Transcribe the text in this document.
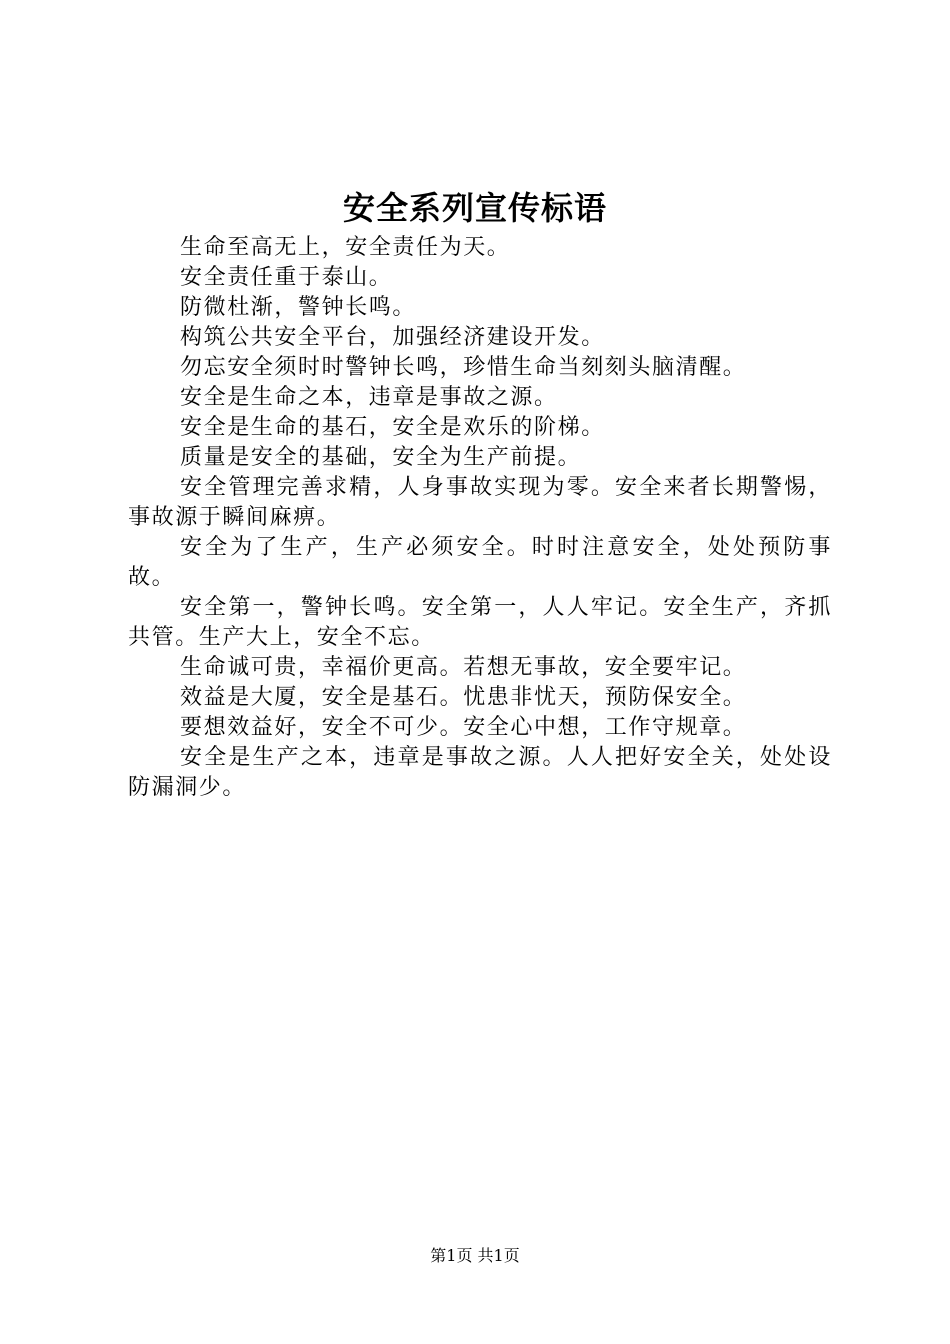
安全系列宣传标语

生命至高无上，安全责任为天。

安全责任重于泰山。

防微杜渐，警钟长鸣。

构筑公共安全平台，加强经济建设开发。

勿忘安全须时时警钟长鸣，珍惜生命当刻刻头脑清醒。

安全是生命之本，违章是事故之源。

安全是生命的基石，安全是欢乐的阶梯。

质量是安全的基础，安全为生产前提。

安全管理完善求精，人身事故实现为零。安全来者长期警惕，事故源于瞬间麻痹。

安全为了生产，生产必须安全。时时注意安全，处处预防事故。

安全第一，警钟长鸣。安全第一，人人牢记。安全生产，齐抓共管。生产大上，安全不忘。

生命诚可贵，幸福价更高。若想无事故，安全要牢记。

效益是大厦，安全是基石。忧患非忧天，预防保安全。

要想效益好，安全不可少。安全心中想，工作守规章。

安全是生产之本，违章是事故之源。人人把好安全关，处处设防漏洞少。

第1页 共1页
